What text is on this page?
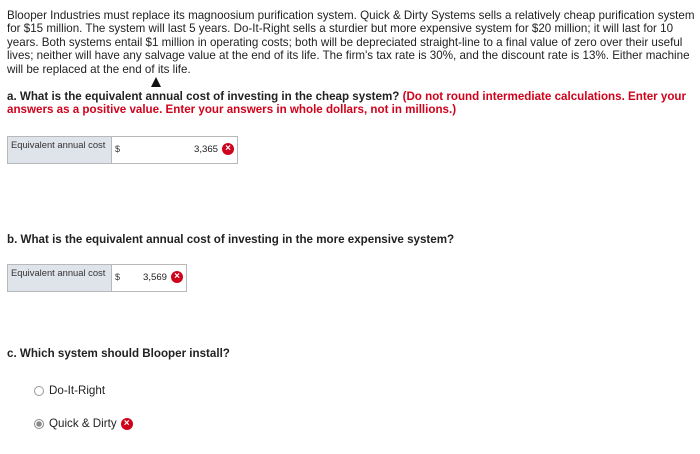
Blooper Industries must replace its magnoosium purification system. Quick & Dirty Systems sells a relatively cheap purification system for $15 million. The system will last 5 years. Do-It-Right sells a sturdier but more expensive system for $20 million; it will last for 10 years. Both systems entail $1 million in operating costs; both will be depreciated straight-line to a final value of zero over their useful lives; neither will have any salvage value at the end of its life. The firm's tax rate is 30%, and the discount rate is 13%. Either machine will be replaced at the end of its life.
a. What is the equivalent annual cost of investing in the cheap system? (Do not round intermediate calculations. Enter your answers as a positive value. Enter your answers in whole dollars, not in millions.)
Equivalent annual cost	$	3,365 ×
b. What is the equivalent annual cost of investing in the more expensive system?
Equivalent annual cost	$ 3,569 ×
c. Which system should Blooper install?
Do-It-Right
Quick & Dirty ×
